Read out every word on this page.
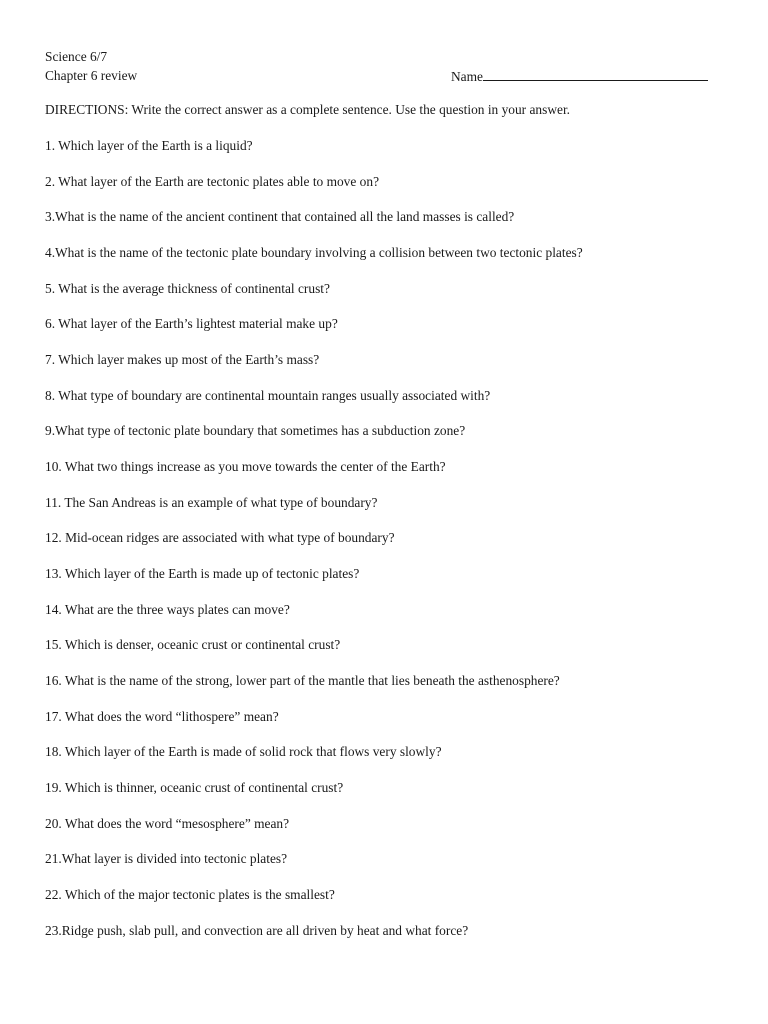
Science 6/7
Chapter 6 review	Name
DIRECTIONS: Write the correct answer as a complete sentence. Use the question in your answer.
1. Which layer of the Earth is a liquid?
2. What layer of the Earth are tectonic plates able to move on?
3.What is the name of the ancient continent that contained all the land masses is called?
4.What is the name of the tectonic plate boundary involving a collision between two tectonic plates?
5. What is the average thickness of continental crust?
6. What layer of the Earth’s lightest material make up?
7. Which layer makes up most of the Earth’s mass?
8. What type of boundary are continental mountain ranges usually associated with?
9.What type of tectonic plate boundary that sometimes has a subduction zone?
10. What two things increase as you move towards the center of the Earth?
11. The San Andreas is an example of what type of boundary?
12. Mid-ocean ridges are associated with what type of boundary?
13. Which layer of the Earth is made up of tectonic plates?
14. What are the three ways plates can move?
15. Which is denser, oceanic crust or continental crust?
16. What is the name of the strong, lower part of the mantle that lies beneath the asthenosphere?
17. What does the word “lithospere” mean?
18. Which layer of the Earth is made of solid rock that flows very slowly?
19. Which is thinner, oceanic crust of continental crust?
20. What does the word “mesosphere” mean?
21.What layer is divided into tectonic plates?
22. Which of the major tectonic plates is the smallest?
23.Ridge push, slab pull, and convection are all driven by heat and what force?
